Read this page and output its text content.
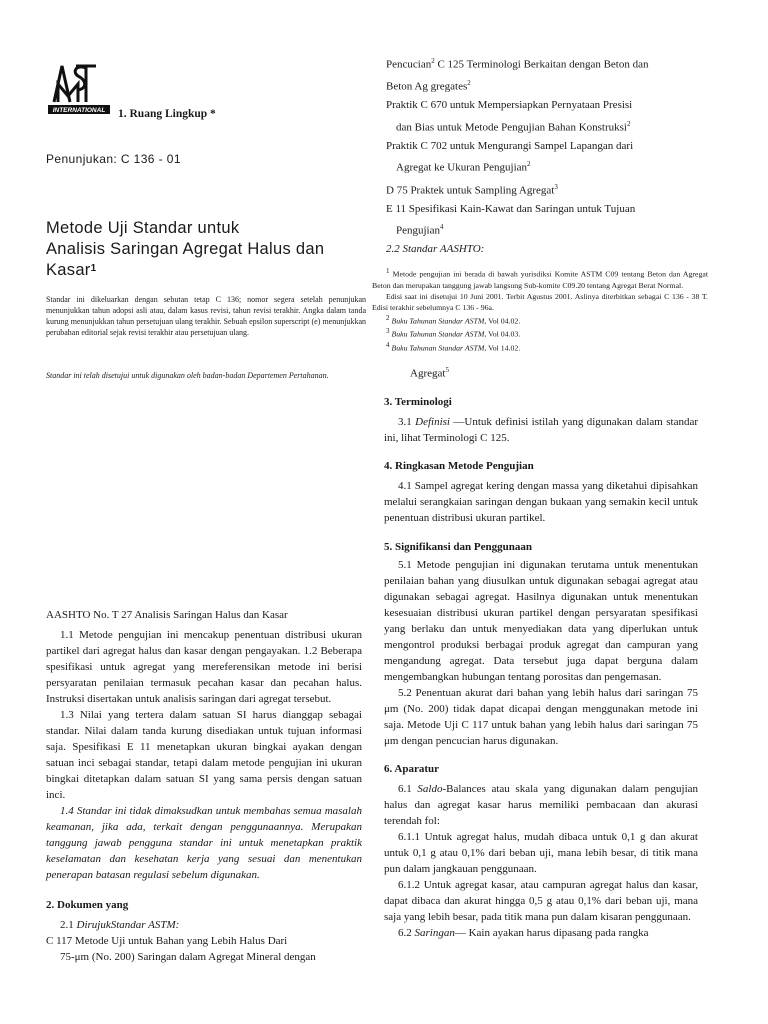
INTERNATIONAL 1. Ruang Lingkup *
Penunjukan: C 136 - 01
Metode Uji Standar untuk
Analisis Saringan Agregat Halus dan
Kasar$^1$
Standar ini dikeluarkan dengan sebutan tetap C 136; nomor segera setelah penunjukan menunjukkan tahun adopsi asli atau, dalam kasus revisi, tahun revisi terakhir. Angka dalam tanda kurung menunjukkan tahun persetujuan ulang terakhir. Sebuah epsilon superscript (e) menunjukkan perubahan editorial sejak revisi terakhir atau persetujuan ulang.
Standar ini telah disetujui untuk digunakan oleh badan-badan Departemen Pertahanan.
Pencucian$^2$ C 125 Terminologi Berkaitan dengan Beton dan
Beton Ag gregates$^2$
Praktik C 670 untuk Mempersiapkan Pernyataan Presisi
dan Bias untuk Metode Pengujian Bahan Konstruksi$^2$
Praktik C 702 untuk Mengurangi Sampel Lapangan dari
Agregat ke Ukuran Pengujian$^2$
D 75 Praktek untuk Sampling Agregat$^3$
E 11 Spesifikasi Kain-Kawat dan Saringan untuk Tujuan
Pengujian$^4$
2.2 Standar AASHTO:

$^1$ Metode pengujian ini berada di bawah yurisdiksi Komite ASTM C09 tentang Beton dan Agregat Beton dan merupakan tanggung jawab langsung Sub-komite C09.20 tentang Agregat Berat Normal.

Edisi saat ini disetujui 10 Juni 2001. Terbit Agustus 2001. Aslinya diterbitkan sebagai C 136 - 38 T. Edisi terakhir sebelumnya C 136 - 96a.

$^2$ Buku Tahunan Standar ASTM, Vol 04.02.

$^3$ Buku Tahunan Standar ASTM, Vol 04.03.

$^4$ Buku Tahunan Standar ASTM, Vol 14.02.

Agregat$^5$

3. Terminologi

3.1 Definisi —Untuk definisi istilah yang digunakan dalam standar ini, lihat Terminologi C 125.

4. Ringkasan Metode Pengujian

4.1 Sampel agregat kering dengan massa yang diketahui dipisahkan melalui serangkaian saringan dengan bukaan yang semakin kecil untuk penentuan distribusi ukuran partikel.

5. Signifikansi dan Penggunaan

5.1 Metode pengujian ini digunakan terutama untuk menentukan penilaian bahan yang diusulkan untuk digunakan sebagai agregat atau digunakan sebagai agregat. Hasilnya digunakan untuk menentukan kesesuaian distribusi ukuran partikel dengan persyaratan spesifikasi yang berlaku dan untuk menyediakan data yang diperlukan untuk mengontrol produksi berbagai produk agregat dan campuran yang mengandung agregat. Data tersebut juga dapat berguna dalam mengembangkan hubungan tentang porositas dan pengemasan.

5.2 Penentuan akurat dari bahan yang lebih halus dari saringan 75 μm (No. 200) tidak dapat dicapai dengan menggunakan metode ini saja. Metode Uji C 117 untuk bahan yang lebih halus dari saringan 75 μm dengan pencucian harus digunakan.

6. Aparatur

6.1 Saldo-Balances atau skala yang digunakan dalam pengujian halus dan agregat kasar harus memiliki pembacaan dan akurasi terendah fol:

6.1.1 Untuk agregat halus, mudah dibaca untuk 0,1 g dan akurat untuk 0,1 g atau 0,1% dari beban uji, mana lebih besar, di titik mana pun dalam jangkauan penggunaan.

6.1.2 Untuk agregat kasar, atau campuran agregat halus dan kasar, dapat dibaca dan akurat hingga 0,5 g atau 0,1% dari beban uji, mana saja yang lebih besar, pada titik mana pun dalam kisaran penggunaan.

6.2 Saringan— Kain ayakan harus dipasang pada rangka

AASHTO No. T 27 Analisis Saringan Halus dan Kasar

1.1 Metode pengujian ini mencakup penentuan distribusi ukuran partikel dari agregat halus dan kasar dengan pengayakan. 1.2 Beberapa spesifikasi untuk agregat yang mereferensikan metode ini berisi persyaratan penilaian termasuk pecahan kasar dan pecahan halus. Instruksi disertakan untuk analisis saringan dari agregat tersebut.

1.3 Nilai yang tertera dalam satuan SI harus dianggap sebagai standar. Nilai dalam tanda kurung disediakan untuk tujuan informasi saja. Spesifikasi E 11 menetapkan ukuran bingkai ayakan dengan satuan inci sebagai standar, tetapi dalam metode pengujian ini ukuran bingkai ditetapkan dalam satuan SI yang sama persis dengan satuan inci.

1.4 Standar ini tidak dimaksudkan untuk membahas semua masalah keamanan, jika ada, terkait dengan penggunaannya. Merupakan tanggung jawab pengguna standar ini untuk menetapkan praktik keselamatan dan kesehatan kerja yang sesuai dan menentukan penerapan batasan regulasi sebelum digunakan.

2. Dokumen yang

2.1 DirujukStandar ASTM:

C 117 Metode Uji untuk Bahan yang Lebih Halus Dari

75-μm (No. 200) Saringan dalam Agregat Mineral dengan
